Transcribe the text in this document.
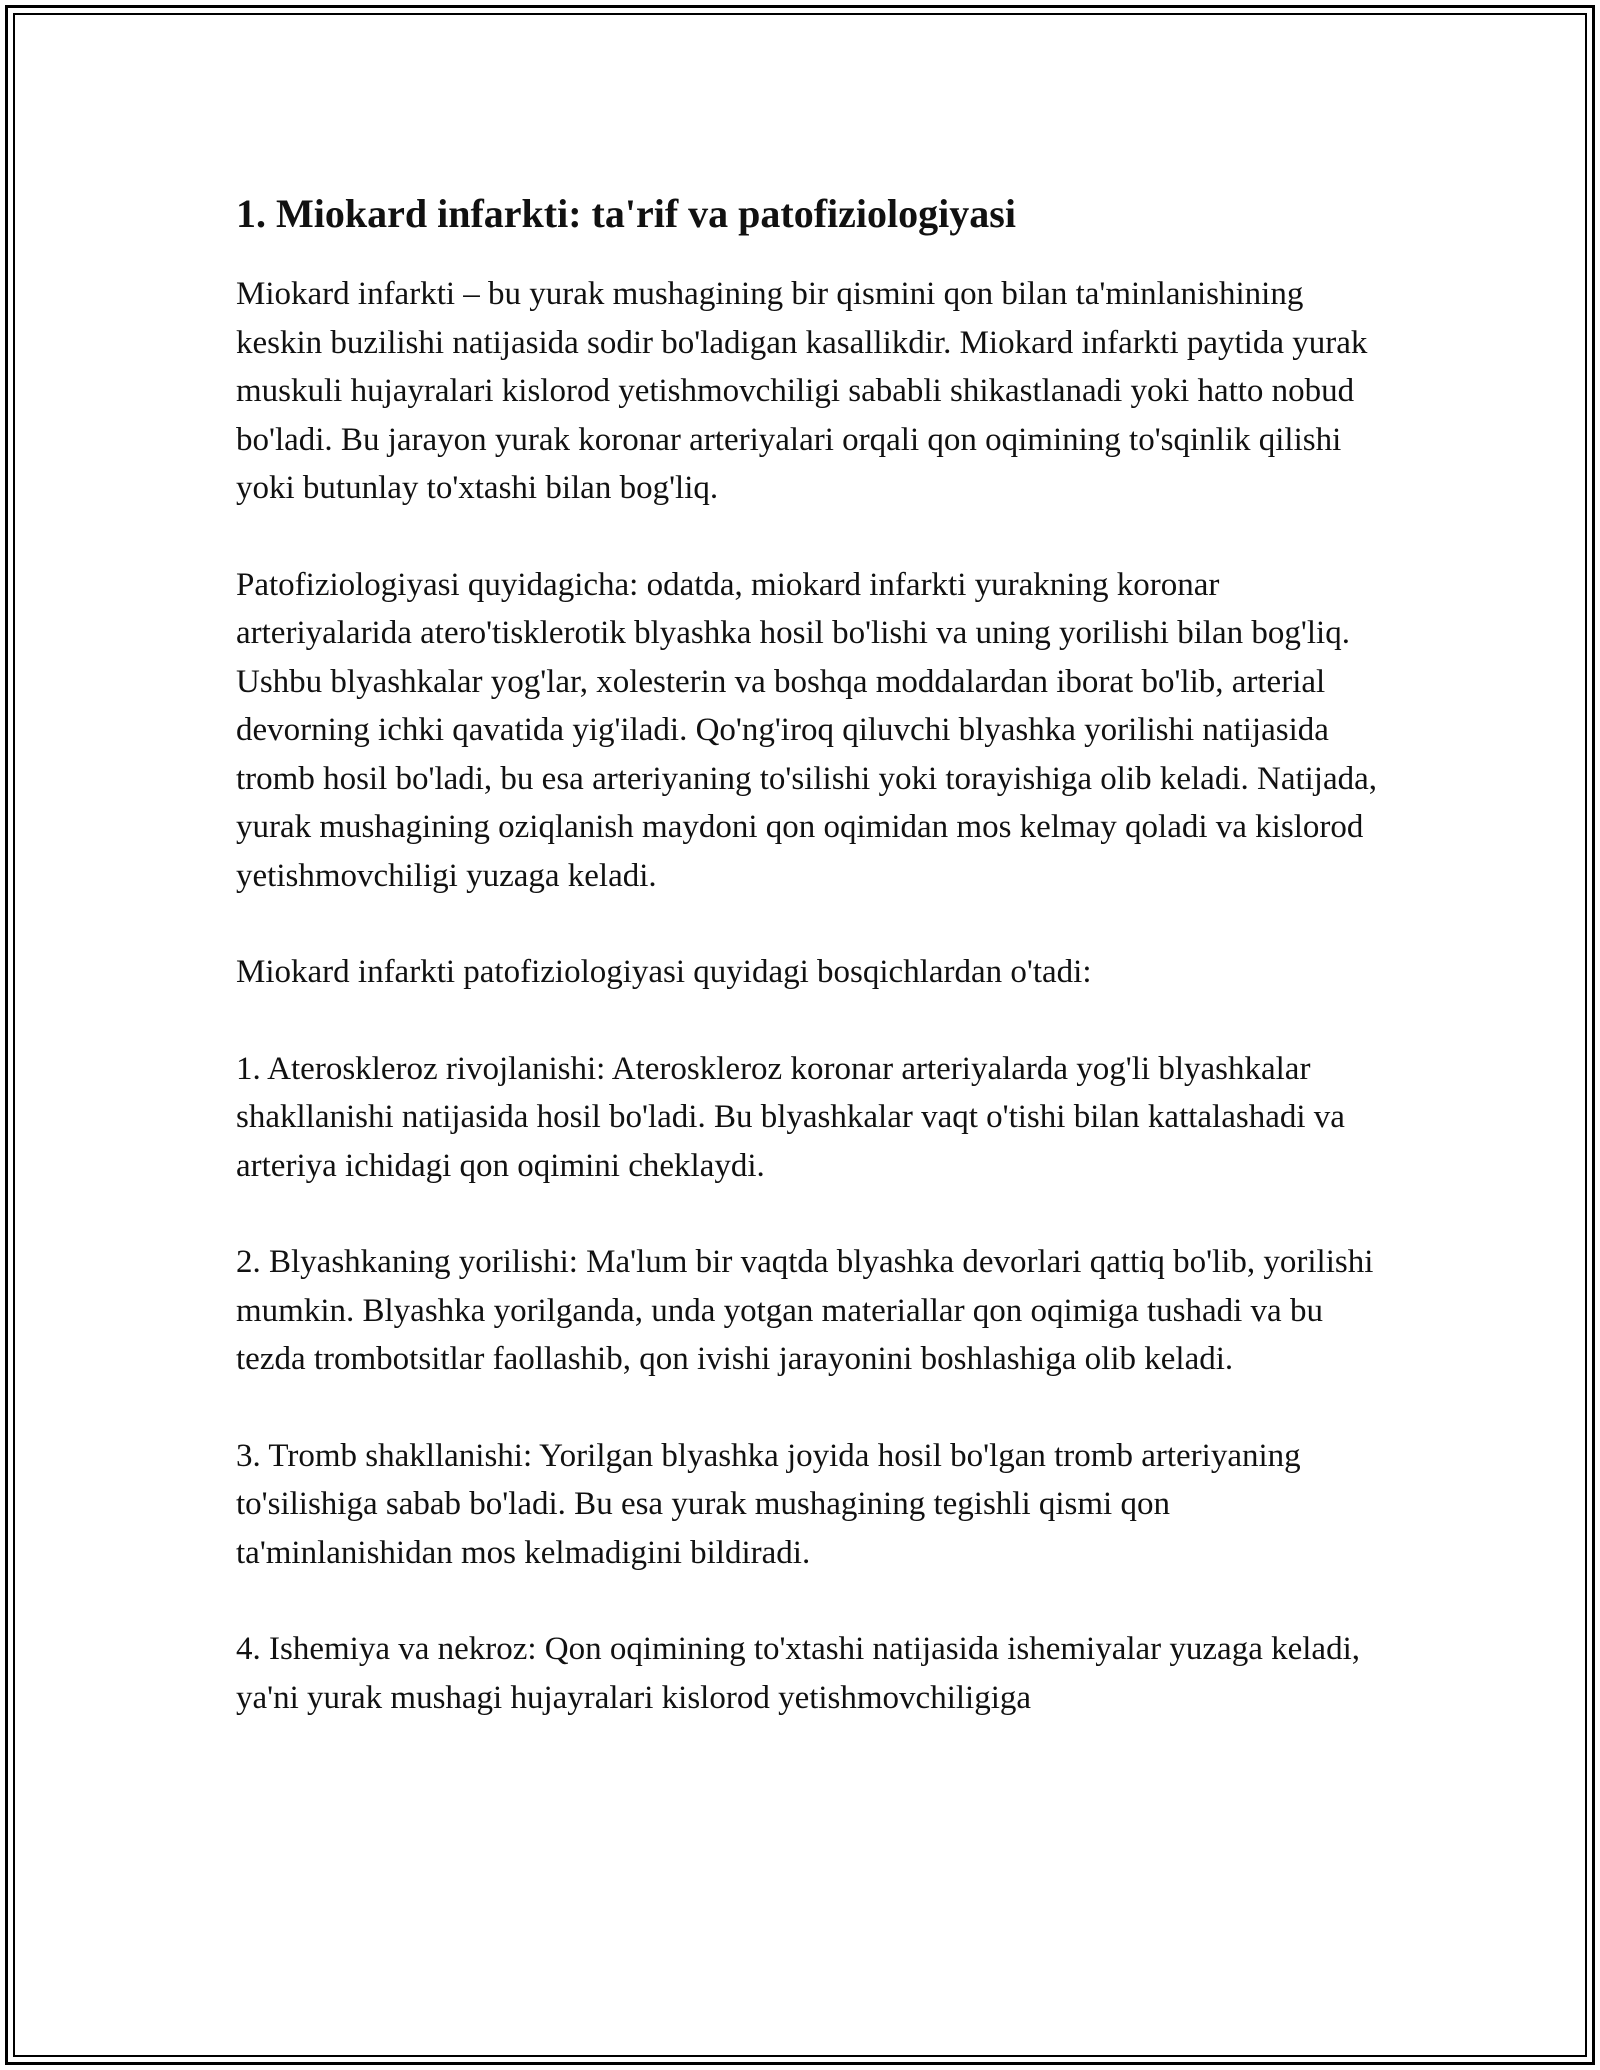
1. Miokard infarkti: ta'rif va patofiziologiyasi

Miokard infarkti – bu yurak mushagining bir qismini qon bilan ta'minlanishining keskin buzilishi natijasida sodir bo'ladigan kasallikdir. Miokard infarkti paytida yurak muskuli hujayralari kislorod yetishmovchiligi sababli shikastlanadi yoki hatto nobud bo'ladi. Bu jarayon yurak koronar arteriyalari orqali qon oqimining to'sqinlik qilishi yoki butunlay to'xtashi bilan bog'liq.

Patofiziologiyasi quyidagicha: odatda, miokard infarkti yurakning koronar arteriyalarida atero'tisklerotik blyashka hosil bo'lishi va uning yorilishi bilan bog'liq. Ushbu blyashkalar yog'lar, xolesterin va boshqa moddalardan iborat bo'lib, arterial devorning ichki qavatida yig'iladi. Qo'ng'iroq qiluvchi blyashka yorilishi natijasida tromb hosil bo'ladi, bu esa arteriyaning to'silishi yoki torayishiga olib keladi. Natijada, yurak mushagining oziqlanish maydoni qon oqimidan mos kelmay qoladi va kislorod yetishmovchiligi yuzaga keladi.

Miokard infarkti patofiziologiyasi quyidagi bosqichlardan o'tadi:

1. Ateroskleroz rivojlanishi: Ateroskleroz koronar arteriyalarda yog'li blyashkalar shakllanishi natijasida hosil bo'ladi. Bu blyashkalar vaqt o'tishi bilan kattalashadi va arteriya ichidagi qon oqimini cheklaydi.

2. Blyashkaning yorilishi: Ma'lum bir vaqtda blyashka devorlari qattiq bo'lib, yorilishi mumkin. Blyashka yorilganda, unda yotgan materiallar qon oqimiga tushadi va bu tezda trombotsitlar faollashib, qon ivishi jarayonini boshlashiga olib keladi.

3. Tromb shakllanishi: Yorilgan blyashka joyida hosil bo'lgan tromb arteriyaning to'silishiga sabab bo'ladi. Bu esa yurak mushagining tegishli qismi qon ta'minlanishidan mos kelmadigini bildiradi.

4. Ishemiya va nekroz: Qon oqimining to'xtashi natijasida ishemiyalar yuzaga keladi, ya'ni yurak mushagi hujayralari kislorod yetishmovchiligiga
